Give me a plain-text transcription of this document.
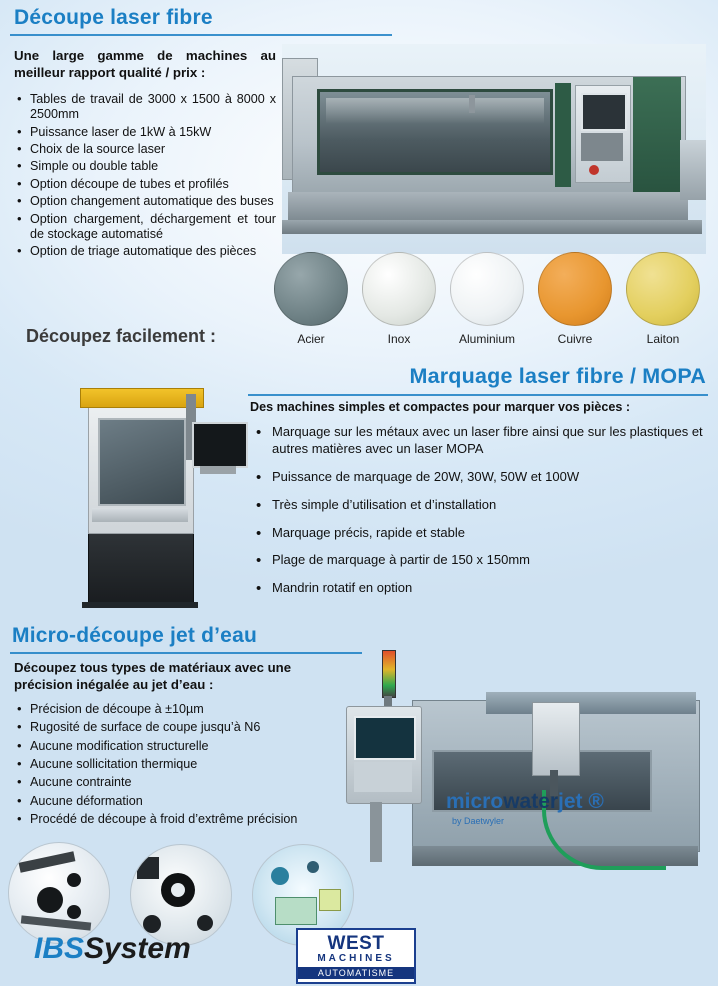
Découpe laser fibre
Une large gamme de machines au meilleur rapport qualité / prix :
• Tables de travail de 3000 x 1500 à 8000 x 2500mm
• Puissance laser de 1kW à 15kW
• Choix de la source laser
• Simple ou double table
• Option découpe de tubes et profilés
• Option changement automatique des buses
• Option chargement, déchargement et tour de stockage automatisé
• Option de triage automatique des pièces
Acier	Inox	Aluminium	Cuivre	Laiton
Découpez facilement :
Marquage laser fibre / MOPA
Des machines simples et compactes pour marquer vos pièces :
• Marquage sur les métaux avec un laser fibre ainsi que sur les plastiques et autres matières avec un laser MOPA
• Puissance de marquage de 20W, 30W, 50W et 100W
• Très simple d’utilisation et d’installation
• Marquage précis, rapide et stable
• Plage de marquage à partir de 150 x 150mm
• Mandrin rotatif en option
Micro-découpe jet d’eau
Découpez tous types de matériaux avec une précision inégalée au jet d’eau :
• Précision de découpe à ±10µm
• Rugosité de surface de coupe jusqu’à N6
• Aucune modification structurelle
• Aucune sollicitation thermique
• Aucune contrainte
• Aucune déformation
• Procédé de découpe à froid d’extrême précision
microwaterjet ®
by Daetwyler
IBSSystem	WEST
MACHINES
AUTOMATISME
